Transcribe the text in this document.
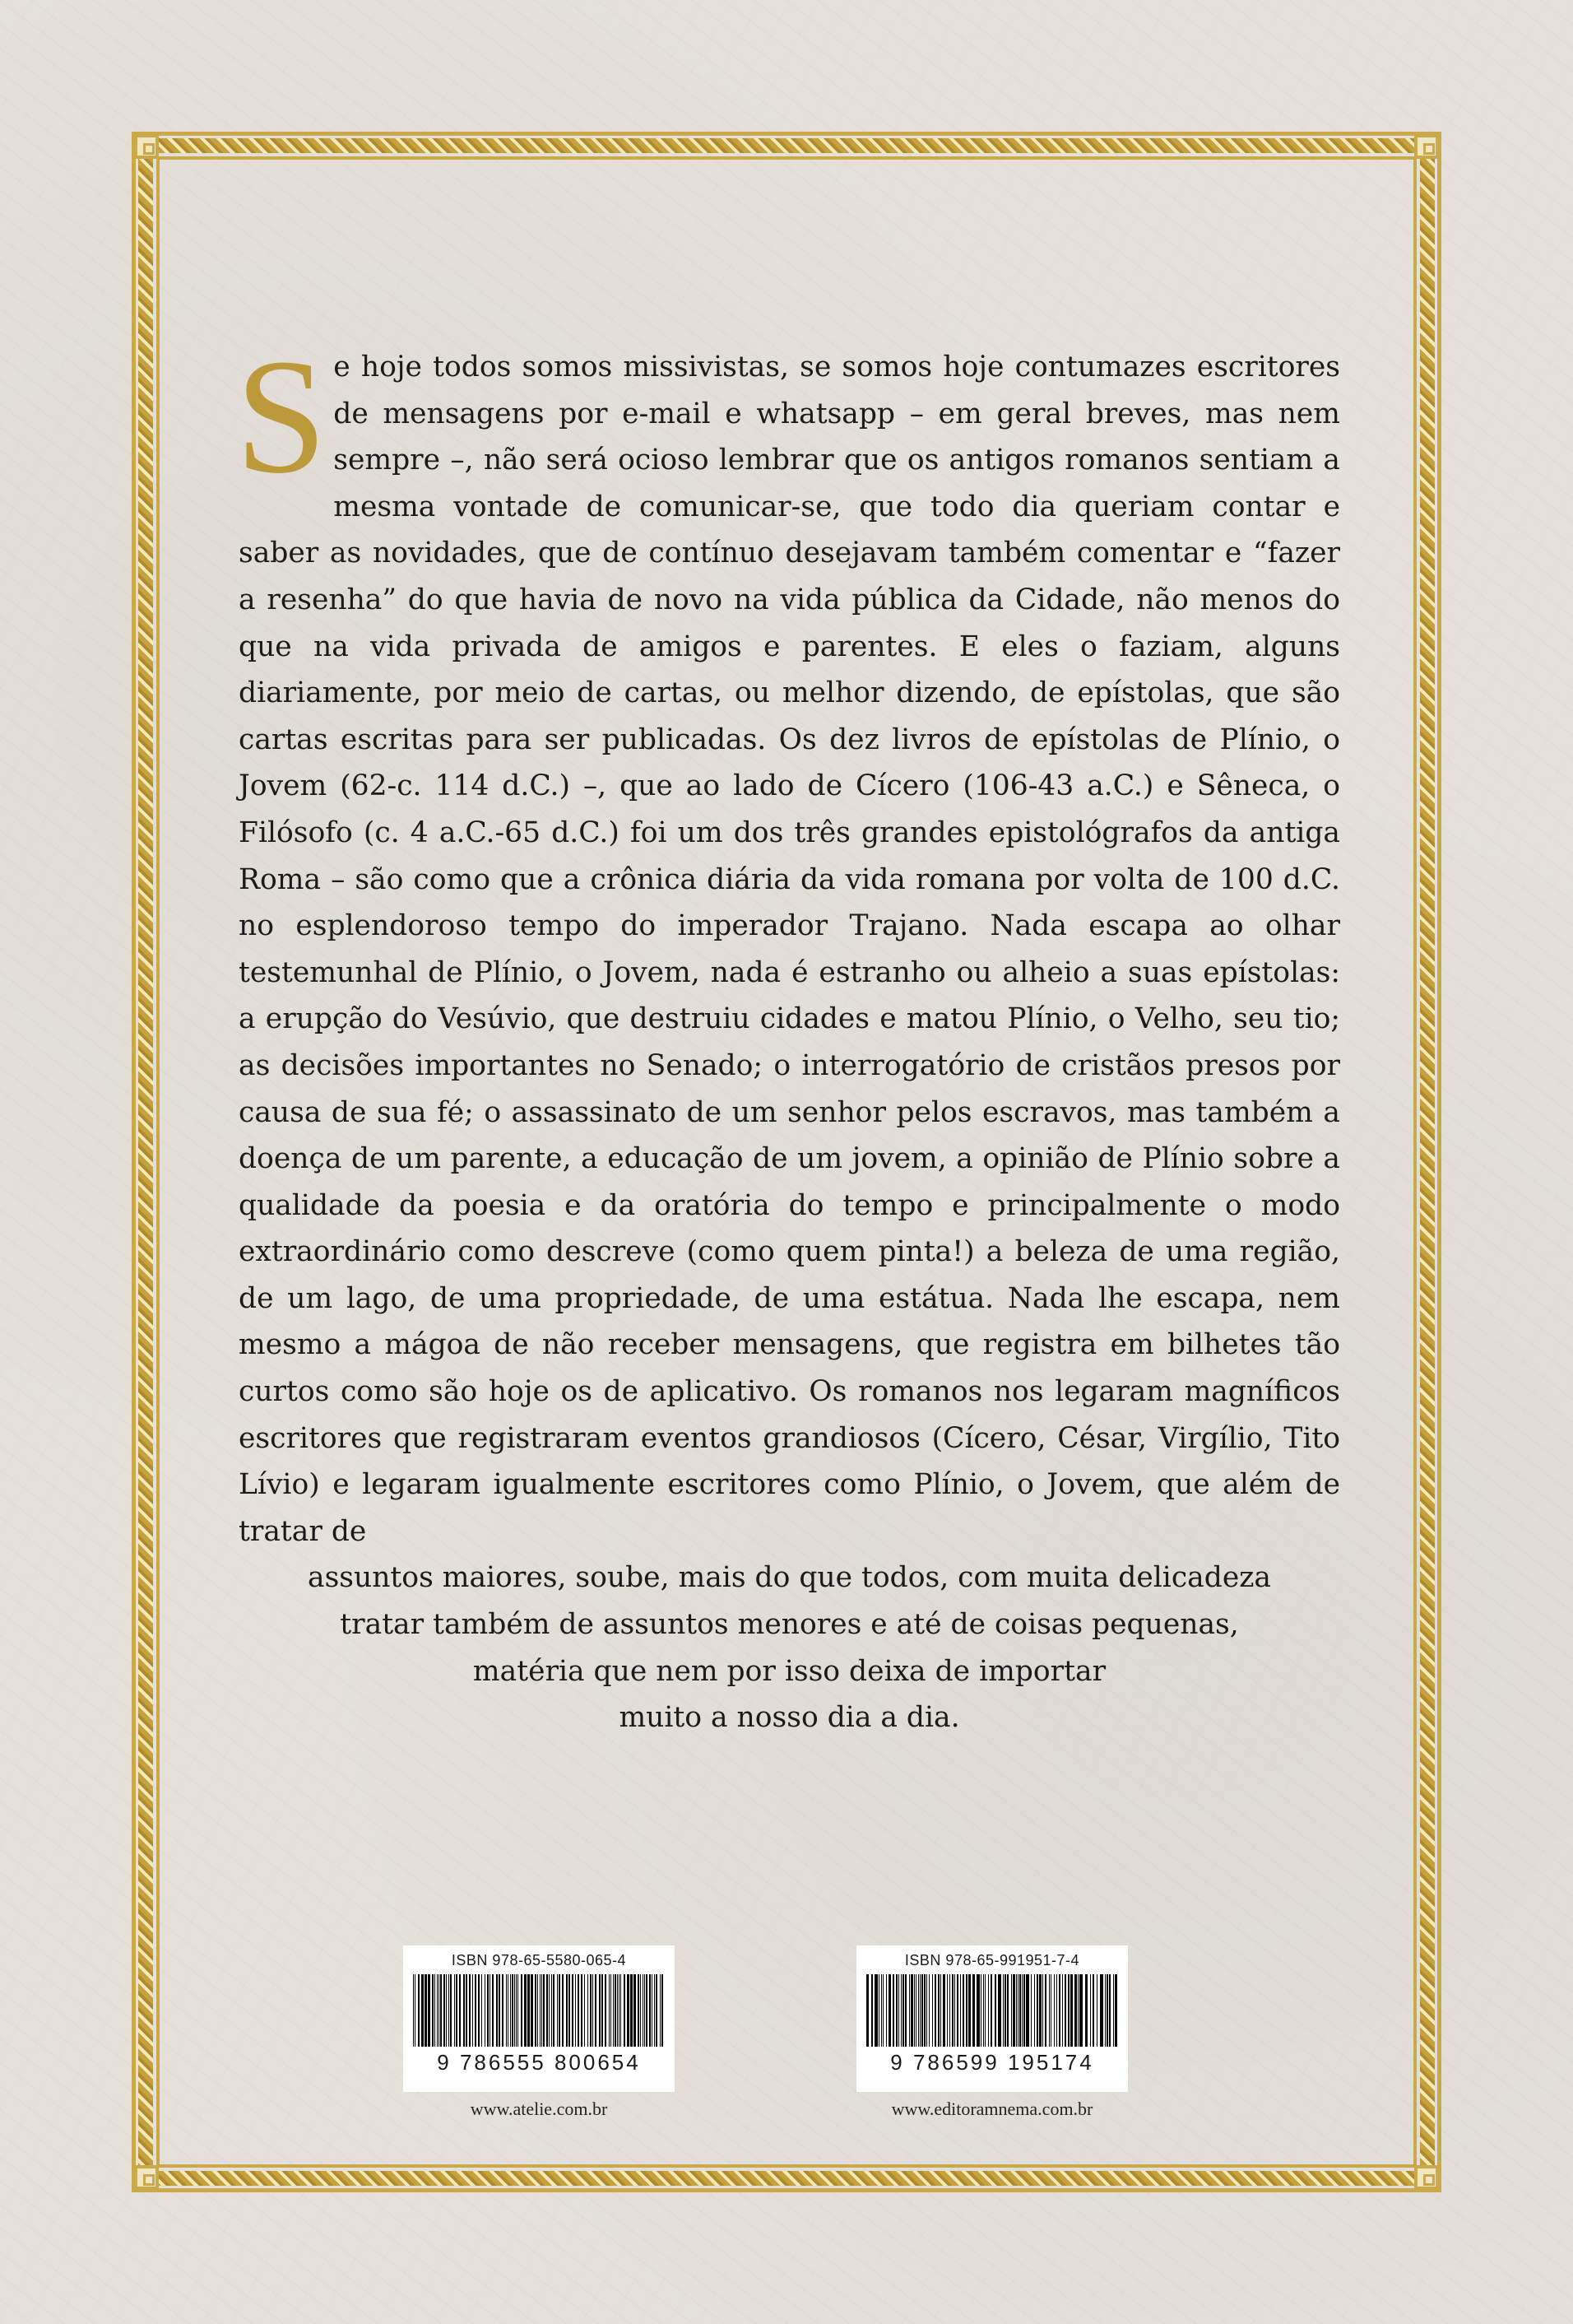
Se hoje todos somos missivistas, se somos hoje contumazes escritores de mensagens por e-mail e whatsapp – em geral breves, mas nem sempre –, não será ocioso lembrar que os antigos romanos sentiam a mesma vontade de comunicar-se, que todo dia queriam contar e saber as novidades, que de contínuo desejavam também comentar e “fazer a resenha” do que havia de novo na vida pública da Cidade, não menos do que na vida privada de amigos e parentes. E eles o faziam, alguns diariamente, por meio de cartas, ou melhor dizendo, de epístolas, que são cartas escritas para ser publicadas. Os dez livros de epístolas de Plínio, o Jovem (62-c. 114 d.C.) –, que ao lado de Cícero (106-43 a.C.) e Sêneca, o Filósofo (c. 4 a.C.-65 d.C.) foi um dos três grandes epistológrafos da antiga Roma – são como que a crônica diária da vida romana por volta de 100 d.C. no esplendoroso tempo do imperador Trajano. Nada escapa ao olhar testemunhal de Plínio, o Jovem, nada é estranho ou alheio a suas epístolas: a erupção do Vesúvio, que destruiu cidades e matou Plínio, o Velho, seu tio; as decisões importantes no Senado; o interrogatório de cristãos presos por causa de sua fé; o assassinato de um senhor pelos escravos, mas também a doença de um parente, a educação de um jovem, a opinião de Plínio sobre a qualidade da poesia e da oratória do tempo e principalmente o modo extraordinário como descreve (como quem pinta!) a beleza de uma região, de um lago, de uma propriedade, de uma estátua. Nada lhe escapa, nem mesmo a mágoa de não receber mensagens, que registra em bilhetes tão curtos como são hoje os de aplicativo. Os romanos nos legaram magníficos escritores que registraram eventos grandiosos (Cícero, César, Virgílio, Tito Lívio) e legaram igualmente escritores como Plínio, o Jovem, que além de tratar de

assuntos maiores, soube, mais do que todos, com muita delicadeza

tratar também de assuntos menores e até de coisas pequenas,

matéria que nem por isso deixa de importar

muito a nosso dia a dia.

ISBN 978-65-5580-065-4
9 786555 800654
www.atelie.com.br
ISBN 978-65-991951-7-4
9 786599 195174
www.editoramnema.com.br
